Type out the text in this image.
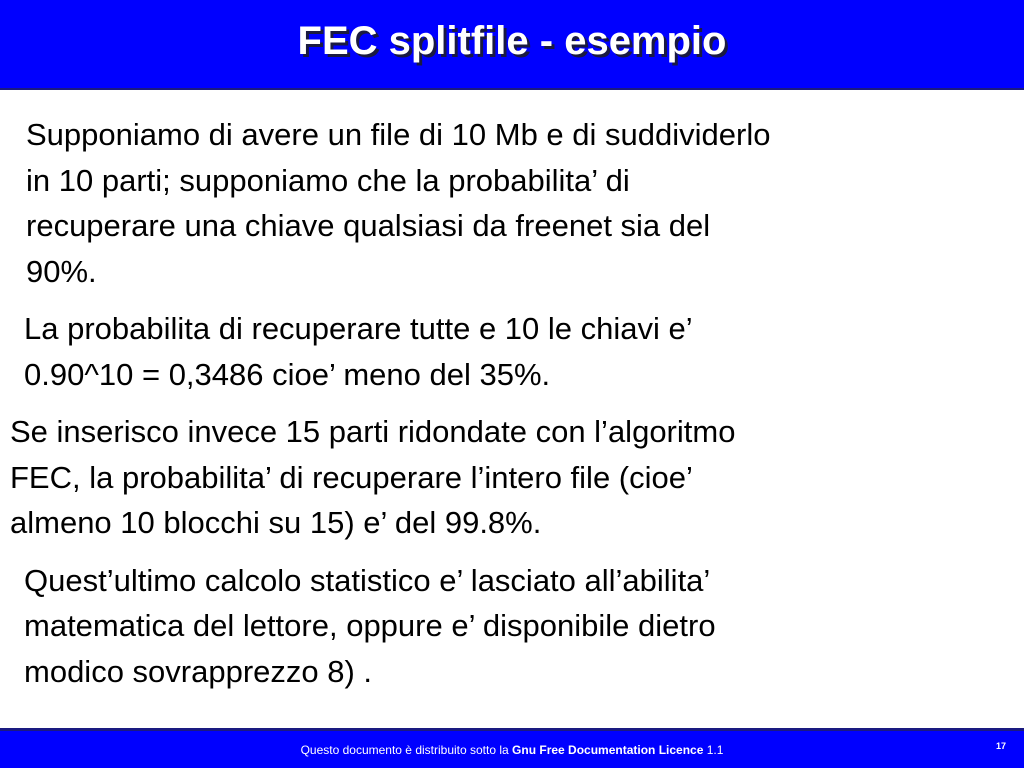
FEC splitfile - esempio
Supponiamo di avere un file di 10 Mb e di suddividerlo
in 10 parti; supponiamo che la probabilita’ di
recuperare una chiave qualsiasi da freenet sia del
90%.
La probabilita di recuperare tutte e 10 le chiavi e’
0.90^10 = 0,3486 cioe’ meno del 35%.
Se inserisco invece 15 parti ridondate con l’algoritmo
FEC, la probabilita’ di recuperare l’intero file (cioe’
almeno 10 blocchi su 15) e’ del 99.8%.
Quest’ultimo calcolo statistico e’ lasciato all’abilita’
matematica del lettore, oppure e’ disponibile dietro
modico sovrapprezzo 8) .
Questo documento è distribuito sotto la Gnu Free Documentation Licence 1.1	17
